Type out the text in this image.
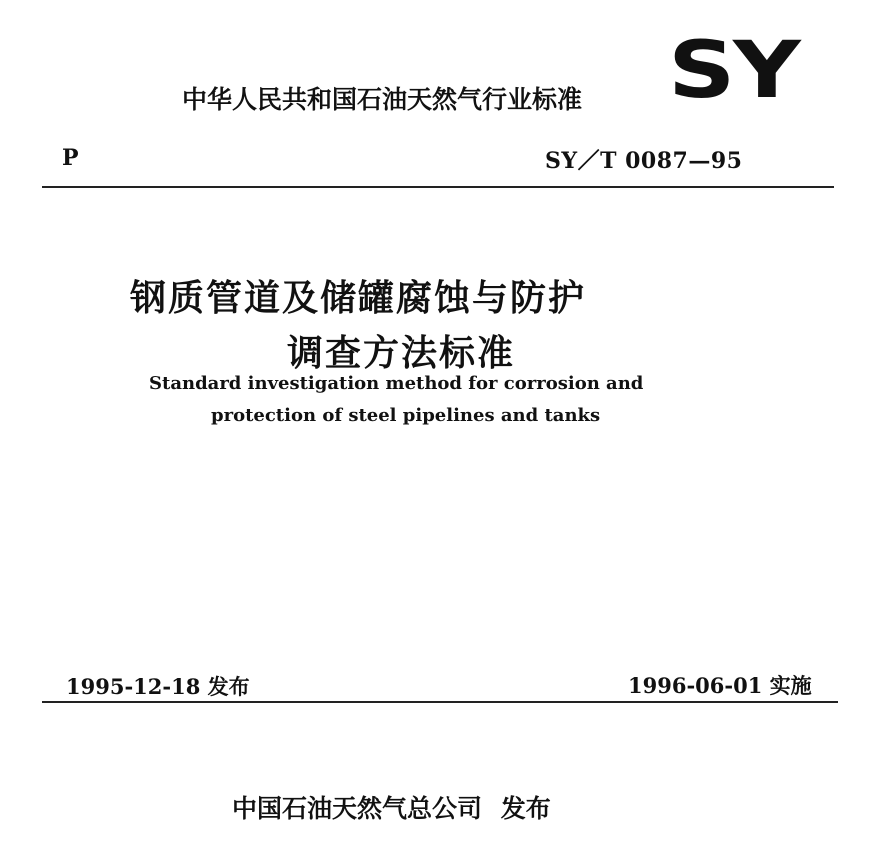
中华人民共和国石油天然气行业标准 SY
P	SY／T 0087—95
钢质管道及储罐腐蚀与防护
调查方法标准
Standard investigation method for corrosion and
protection of steel pipelines and tanks
1995-12-18 发布	1996-06-01 实施
中国石油天然气总公司 发布
